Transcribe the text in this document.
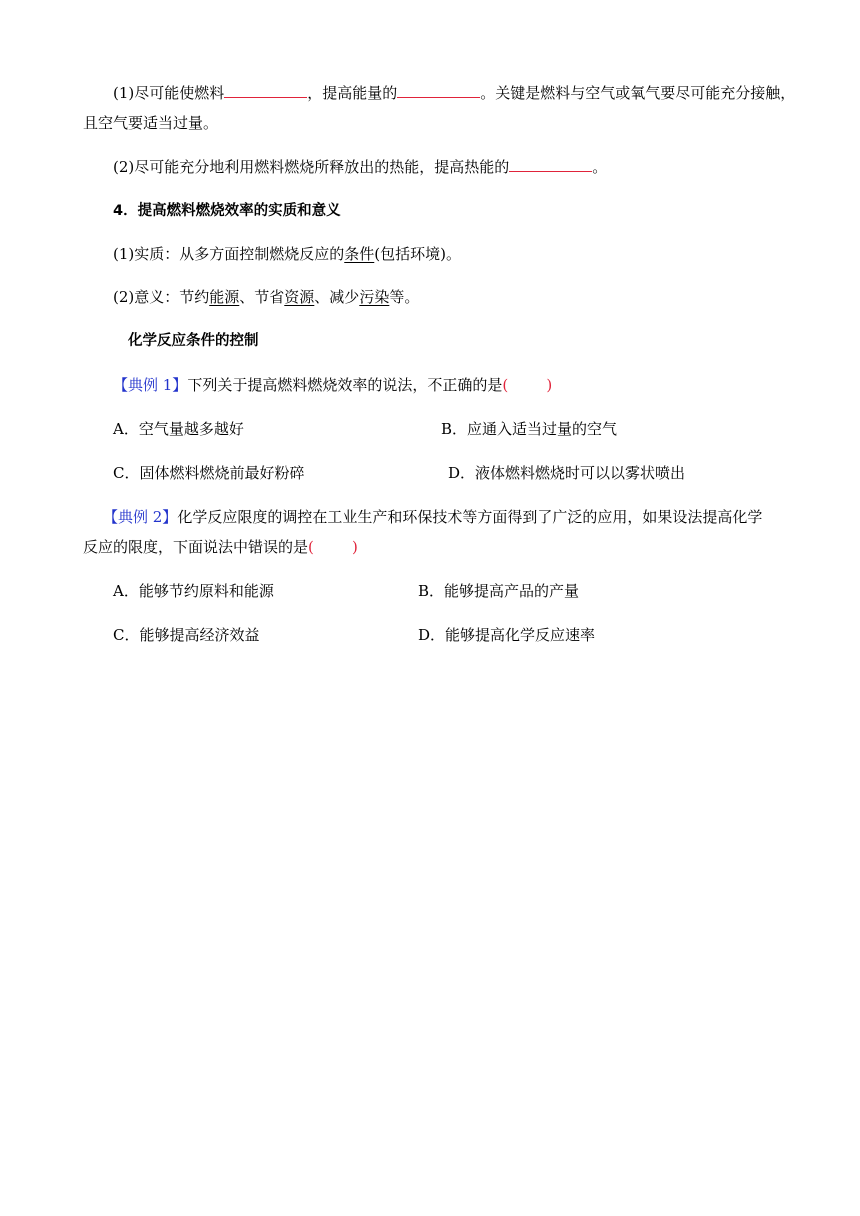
(1)尽可能使燃料	，提高能量的	。关键是燃料与空气或氧气要尽可能充分接触，
且空气要适当过量。
(2)尽可能充分地利用燃料燃烧所释放出的热能，提高热能的	。
4．提高燃料燃烧效率的实质和意义
(1)实质：从多方面控制燃烧反应的条件(包括环境)。
(2)意义：节约能源、节省资源、减少污染等。
化学反应条件的控制
【典例 1】下列关于提高燃料燃烧效率的说法，不正确的是(        )
A．空气量越多越好	B．应通入适当过量的空气
C．固体燃料燃烧前最好粉碎	D．液体燃料燃烧时可以以雾状喷出
【典例 2】化学反应限度的调控在工业生产和环保技术等方面得到了广泛的应用，如果设法提高化学
反应的限度，下面说法中错误的是(        )
A．能够节约原料和能源	B．能够提高产品的产量
C．能够提高经济效益	D．能够提高化学反应速率
